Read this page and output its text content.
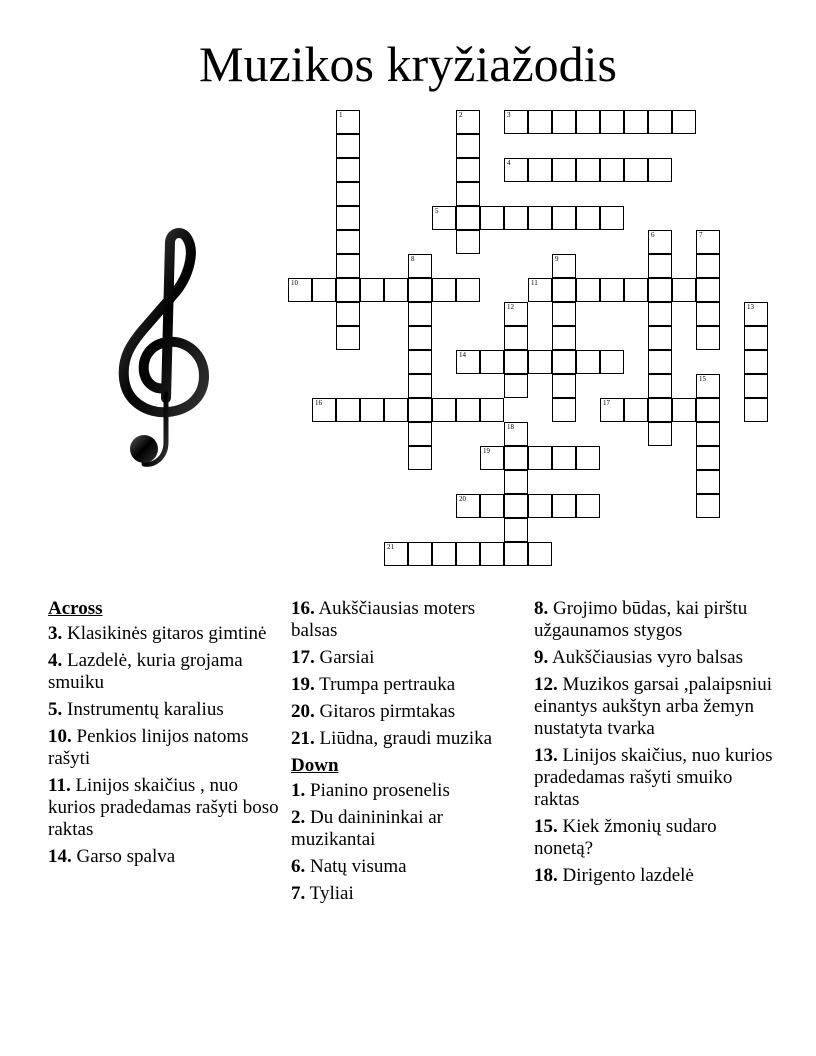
Muzikos kryžiažodis
1	2	3
4
5
6	7
8	9
10	11
12	13
14
15
16	17
18
19
20
21
Across
3. Klasikinės gitaros gimtinė
4. Lazdelė, kuria grojama smuiku
5. Instrumentų karalius
10. Penkios linijos natoms rašyti
11. Linijos skaičius , nuo kurios pradedamas rašyti boso raktas
14. Garso spalva
16. Aukščiausias moters balsas
17. Garsiai
19. Trumpa pertrauka
20. Gitaros pirmtakas
21. Liūdna, graudi muzika
Down
1. Pianino prosenelis
2. Du dainininkai ar muzikantai
6. Natų visuma
7. Tyliai
8. Grojimo būdas, kai pirštu užgaunamos stygos
9. Aukščiausias vyro balsas
12. Muzikos garsai ,palaipsniui einantys aukštyn arba žemyn nustatyta tvarka
13. Linijos skaičius, nuo kurios pradedamas rašyti smuiko raktas
15. Kiek žmonių sudaro nonetą?
18. Dirigento lazdelė
